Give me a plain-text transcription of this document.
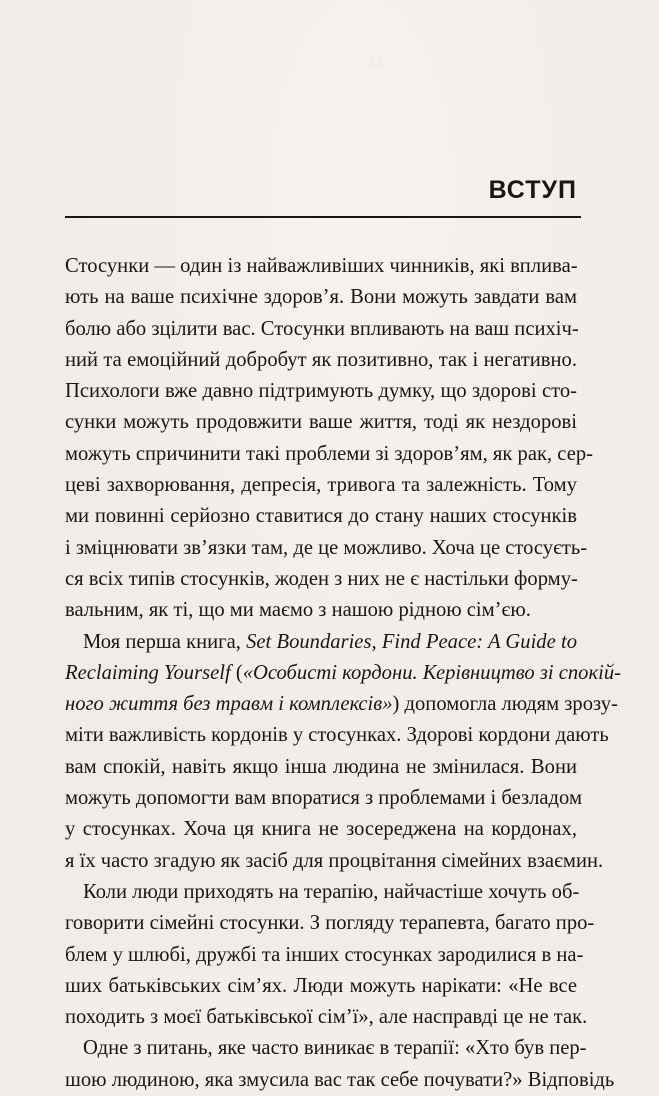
12
ВСТУП
Стосунки — один із найважливіших чинників, які вплива-
ють на ваше психічне здоров’я. Вони можуть завдати вам
болю або зцілити вас. Стосунки впливають на ваш психіч-
ний та емоційний добробут як позитивно, так і негативно.
Психологи вже давно підтримують думку, що здорові сто-
сунки можуть продовжити ваше життя, тоді як нездорові
можуть спричинити такі проблеми зі здоров’ям, як рак, сер-
цеві захворювання, депресія, тривога та залежність. Тому
ми повинні серйозно ставитися до стану наших стосунків
і зміцнювати зв’язки там, де це можливо. Хоча це стосуєть-
ся всіх типів стосунків, жоден з них не є настільки форму-
вальним, як ті, що ми маємо з нашою рідною сім’єю.
Моя перша книга, Set Boundaries, Find Peace: A Guide to
Reclaiming Yourself («Особисті кордони. Керівництво зі спокій-
ного життя без травм і комплексів») допомогла людям зрозу-
міти важливість кордонів у стосунках. Здорові кордони дають
вам спокій, навіть якщо інша людина не змінилася. Вони
можуть допомогти вам впоратися з проблемами і безладом
у стосунках. Хоча ця книга не зосереджена на кордонах,
я їх часто згадую як засіб для процвітання сімейних взаємин.
Коли люди приходять на терапію, найчастіше хочуть об-
говорити сімейні стосунки. З погляду терапевта, багато про-
блем у шлюбі, дружбі та інших стосунках зародилися в на-
ших батьківських сім’ях. Люди можуть нарікати: «Не все
походить з моєї батьківської сім’ї», але насправді це не так.
Одне з питань, яке часто виникає в терапії: «Хто був пер-
шою людиною, яка змусила вас так себе почувати?» Відповідь
